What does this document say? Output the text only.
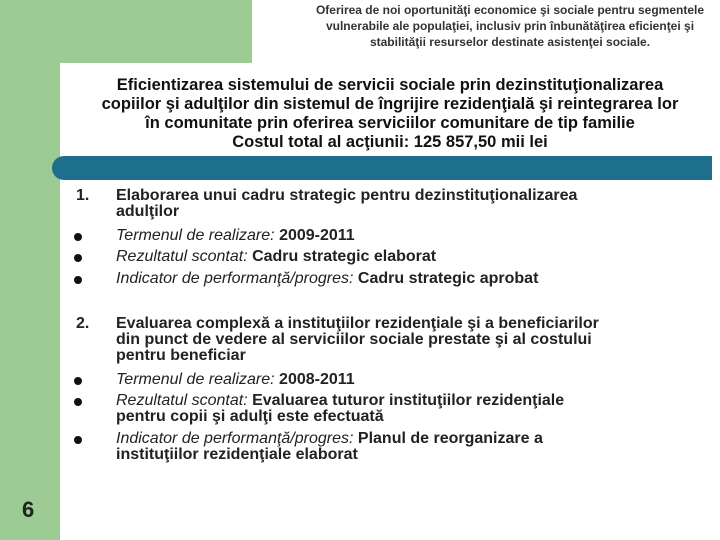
Oferirea de noi oportunităţi economice şi sociale pentru segmentele
vulnerabile ale populaţiei, inclusiv prin înbunătăţirea eficienţei şi
stabilităţii resurselor destinate asistenţei sociale.
Eficientizarea sistemului de servicii sociale prin dezinstituţionalizarea
copiilor şi adulţilor din sistemul de îngrijire rezidenţială şi reintegrarea lor
în comunitate prin oferirea serviciilor comunitare de tip familie
Costul total al acţiunii: 125 857,50 mii lei
1. Elaborarea unui cadru strategic pentru dezinstituţionalizarea
adulţilor
Termenul de realizare: 2009-2011
Rezultatul scontat: Cadru strategic elaborat
Indicator de performanţă/progres: Cadru strategic aprobat
2. Evaluarea complexă a instituţiilor rezidenţiale şi a beneficiarilor
din punct de vedere al serviciilor sociale prestate şi al costului
pentru beneficiar
Termenul de realizare: 2008-2011
Rezultatul scontat: Evaluarea tuturor instituţiilor rezidenţiale
pentru copii şi adulţi este efectuată
Indicator de performanţă/progres: Planul de reorganizare a
instituţiilor rezidenţiale elaborat
6
